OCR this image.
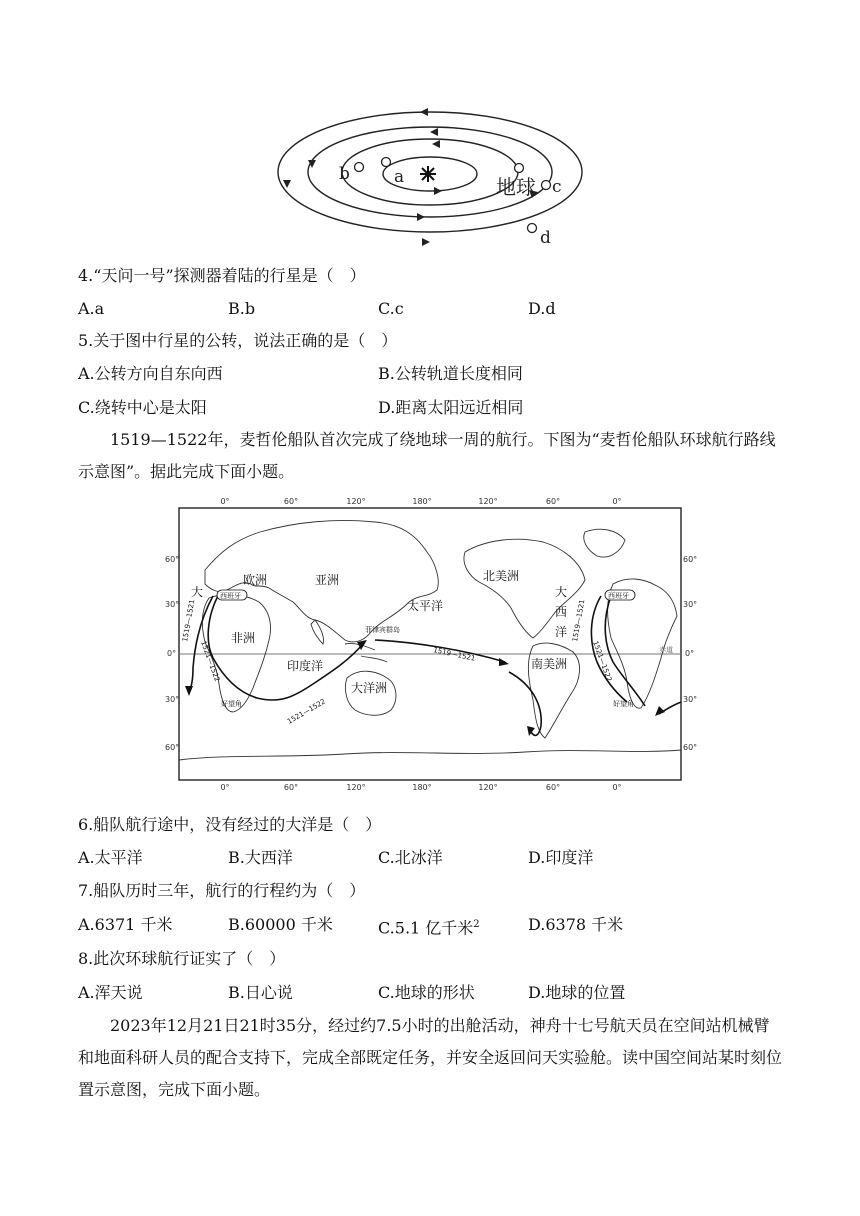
a
b
c
d
地球
4.“天问一号”探测器着陆的行星是（　）
A.a	B.b	C.c	D.d
5.关于图中行星的公转，说法正确的是（　）
A.公转方向自东向西	B.公转轨道长度相同
C.绕转中心是太阳	D.距离太阳远近相同
1519—1522年，麦哲伦船队首次完成了绕地球一周的航行。下图为“麦哲伦船队环球航行路线示意图”。据此完成下面小题。
0°	60°	120°	180°	120°	60°	0°
0°	60°	120°	180°	120°	60°	0°
60°
30°
0°
30°
60°
60°
30°
0°
30°
60°
西班牙	西班牙
菲律宾群岛
好望角	好望角
赤道
欧洲	亚洲
非洲
北美洲
南美洲
大洋洲
太平洋
印度洋
大	大
西
洋
1519—1521
1521—1522	1519—1521
1521—1522
1519—1521
1521—1522
6.船队航行途中，没有经过的大洋是（　）
A.太平洋	B.大西洋	C.北冰洋	D.印度洋
7.船队历时三年，航行的行程约为（　）
A.6371 千米	B.60000 千米	C.5.1 亿千米$^2$	D.6378 千米
8.此次环球航行证实了（　）
A.浑天说	B.日心说	C.地球的形状	D.地球的位置
2023年12月21日21时35分，经过约7.5小时的出舱活动，神舟十七号航天员在空间站机械臂和地面科研人员的配合支持下，完成全部既定任务，并安全返回问天实验舱。读中国空间站某时刻位置示意图，完成下面小题。
